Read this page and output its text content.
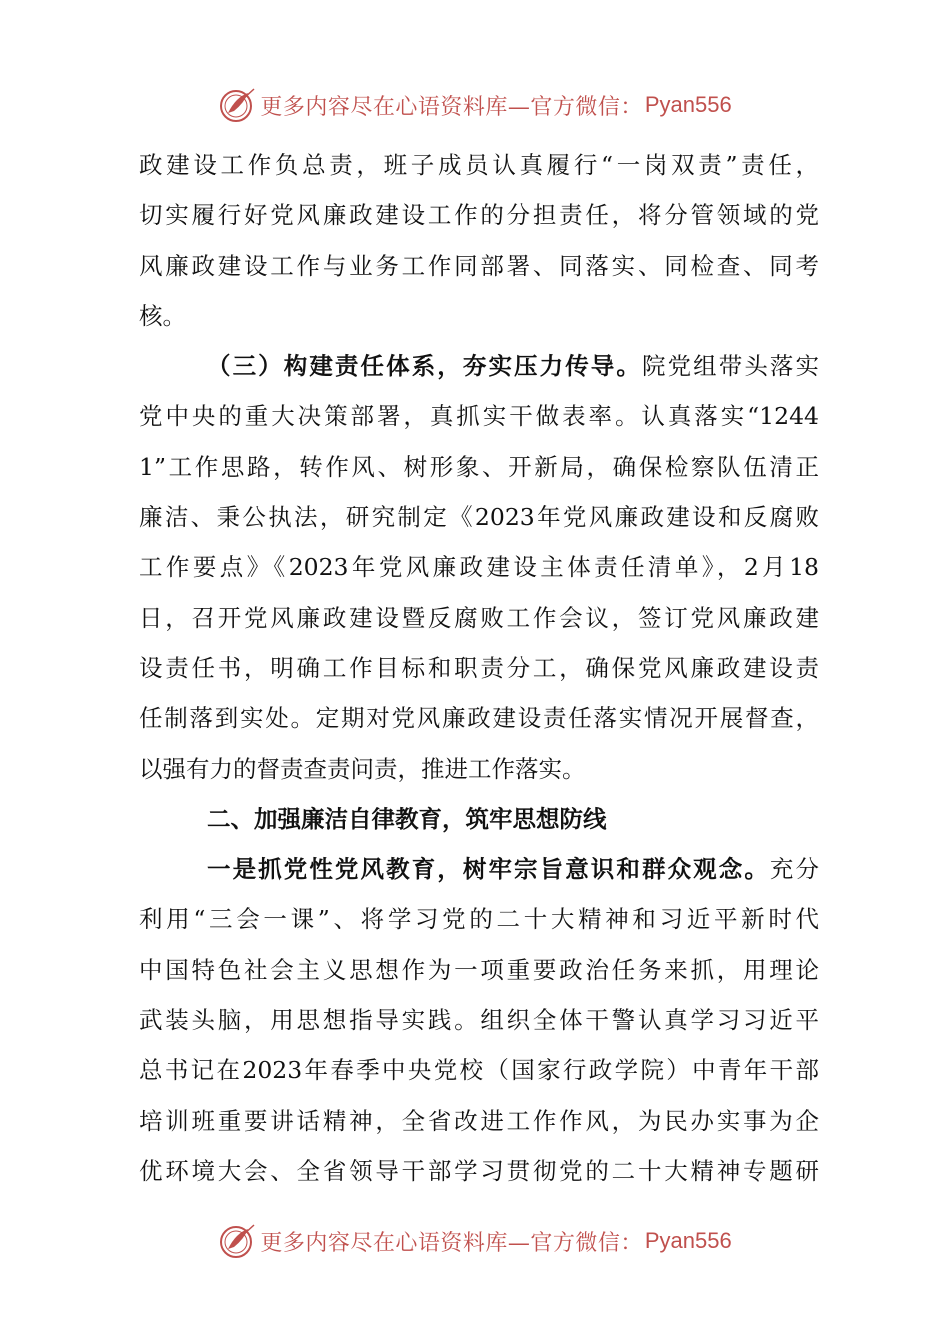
更多内容尽在心语资料库—官方微信： Pyan556
政建设工作负总责，班子成员认真履行“一岗双责”责任，
切实履行好党风廉政建设工作的分担责任，将分管领域的党
风廉政建设工作与业务工作同部署、同落实、同检查、同考
核。
（三）构建责任体系，夯实压力传导。院党组带头落实
党中央的重大决策部署，真抓实干做表率。认真落实“1244
1”工作思路，转作风、树形象、开新局，确保检察队伍清正
廉洁、秉公执法，研究制定《2023年党风廉政建设和反腐败
工作要点》《2023年党风廉政建设主体责任清单》，2月18
日，召开党风廉政建设暨反腐败工作会议，签订党风廉政建
设责任书，明确工作目标和职责分工，确保党风廉政建设责
任制落到实处。定期对党风廉政建设责任落实情况开展督查，
以强有力的督责查责问责，推进工作落实。
二、加强廉洁自律教育，筑牢思想防线
一是抓党性党风教育，树牢宗旨意识和群众观念。充分
利用“三会一课”、将学习党的二十大精神和习近平新时代
中国特色社会主义思想作为一项重要政治任务来抓，用理论
武装头脑，用思想指导实践。组织全体干警认真学习习近平
总书记在2023年春季中央党校（国家行政学院）中青年干部
培训班重要讲话精神，全省改进工作作风，为民办实事为企
优环境大会、全省领导干部学习贯彻党的二十大精神专题研
更多内容尽在心语资料库—官方微信： Pyan556
